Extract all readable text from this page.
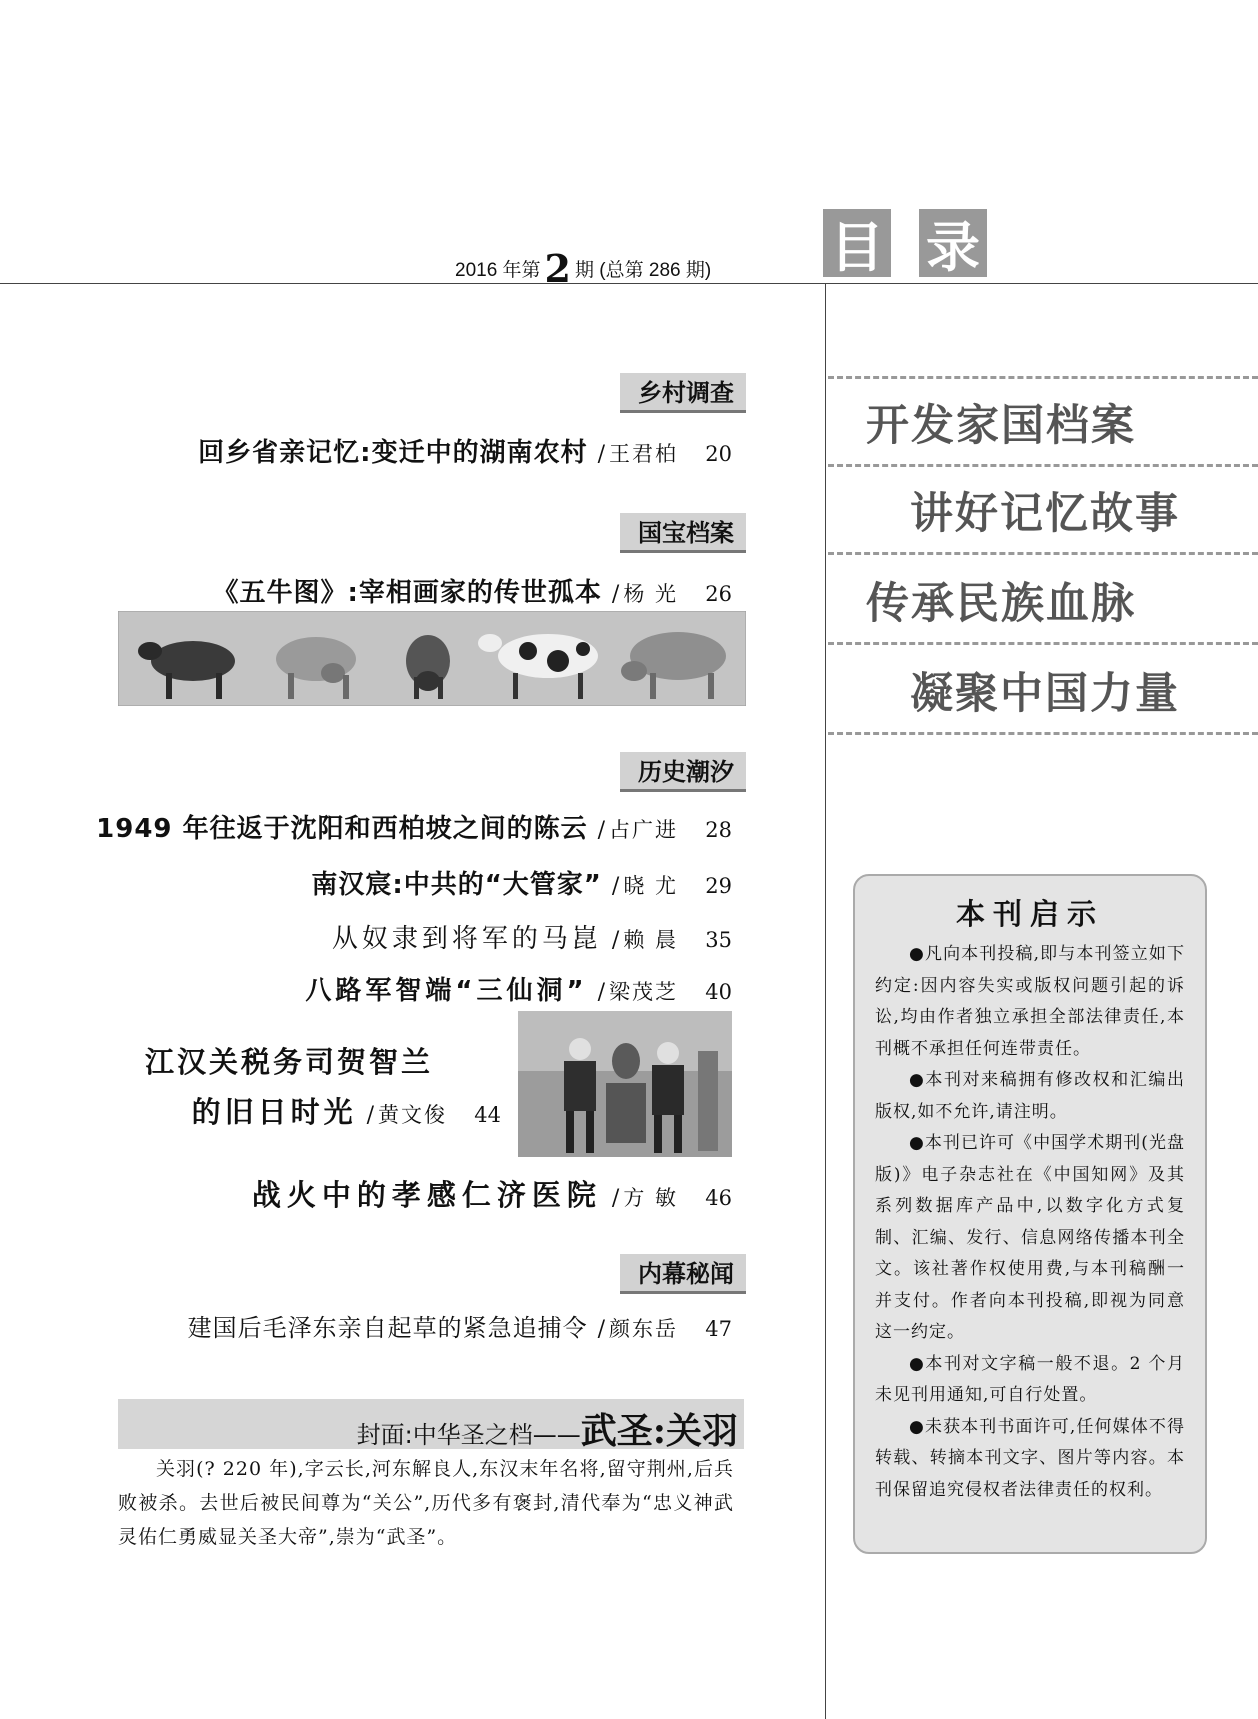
2016 年第 2 期 (总第 286 期) 目 录
乡村调查
回乡省亲记忆:变迁中的湖南农村 / 王君柏 20
国宝档案
《五牛图》:宰相画家的传世孤本 / 杨 光 26
历史潮汐
1949 年往返于沈阳和西柏坡之间的陈云 / 占广进 28
南汉宸:中共的“大管家” / 晓 尤 29
从奴隶到将军的马崑 / 赖 晨 35
八路军智端“三仙洞” / 梁茂芝 40
江汉关税务司贺智兰
的旧日时光 / 黄文俊 44
战火中的孝感仁济医院 / 方 敏 46
内幕秘闻
建国后毛泽东亲自起草的紧急追捕令 / 颜东岳 47
封面:中华圣之档—— 武圣:关羽
关羽(? 220 年),字云长,河东解良人,东汉末年名将,留守荆州,后兵败被杀。去世后被民间尊为“关公”,历代多有褒封,清代奉为“忠义神武灵佑仁勇威显关圣大帝”,崇为“武圣”。
开发家国档案
讲好记忆故事
传承民族血脉
凝聚中国力量
本刊启示

●凡向本刊投稿,即与本刊签立如下约定:因内容失实或版权问题引起的诉讼,均由作者独立承担全部法律责任,本刊概不承担任何连带责任。

●本刊对来稿拥有修改权和汇编出版权,如不允许,请注明。

●本刊已许可《中国学术期刊(光盘版)》电子杂志社在《中国知网》及其系列数据库产品中,以数字化方式复制、汇编、发行、信息网络传播本刊全文。该社著作权使用费,与本刊稿酬一并支付。作者向本刊投稿,即视为同意这一约定。

●本刊对文字稿一般不退。2 个月未见刊用通知,可自行处置。

●未获本刊书面许可,任何媒体不得转载、转摘本刊文字、图片等内容。本刊保留追究侵权者法律责任的权利。
